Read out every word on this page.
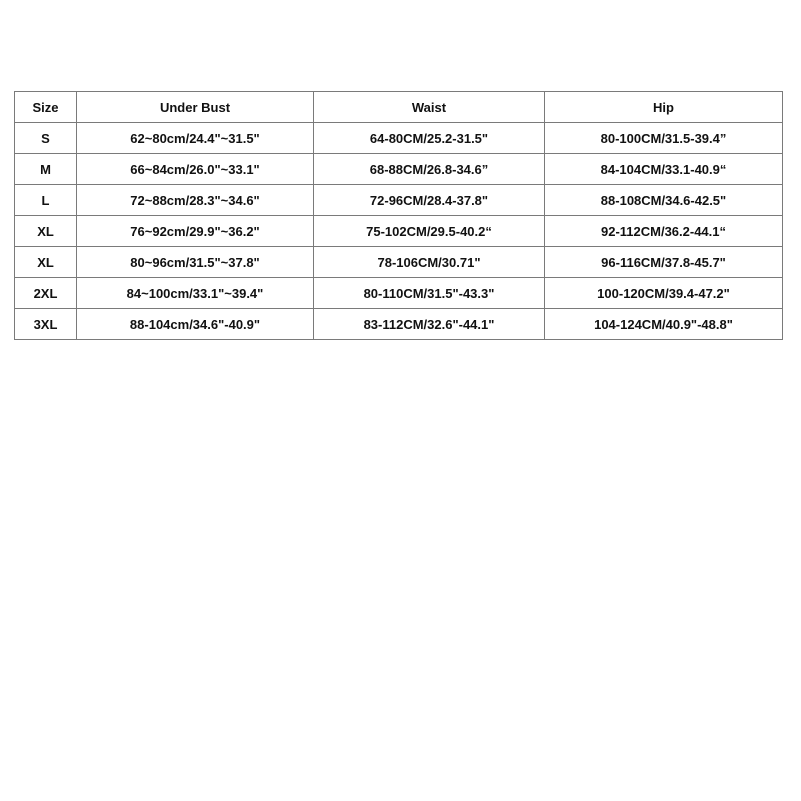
Size	Under Bust	Waist	Hip
S	62~80cm/24.4"~31.5"	64-80CM/25.2-31.5"	80-100CM/31.5-39.4”
M	66~84cm/26.0"~33.1"	68-88CM/26.8-34.6”	84-104CM/33.1-40.9“
L	72~88cm/28.3"~34.6"	72-96CM/28.4-37.8"	88-108CM/34.6-42.5"
XL	76~92cm/29.9"~36.2"	75-102CM/29.5-40.2“	92-112CM/36.2-44.1“
XL	80~96cm/31.5"~37.8"	78-106CM/30.71"	96-116CM/37.8-45.7"
2XL	84~100cm/33.1"~39.4"	80-110CM/31.5"-43.3"	100-120CM/39.4-47.2"
3XL	88-104cm/34.6"-40.9"	83-112CM/32.6"-44.1"	104-124CM/40.9"-48.8"
